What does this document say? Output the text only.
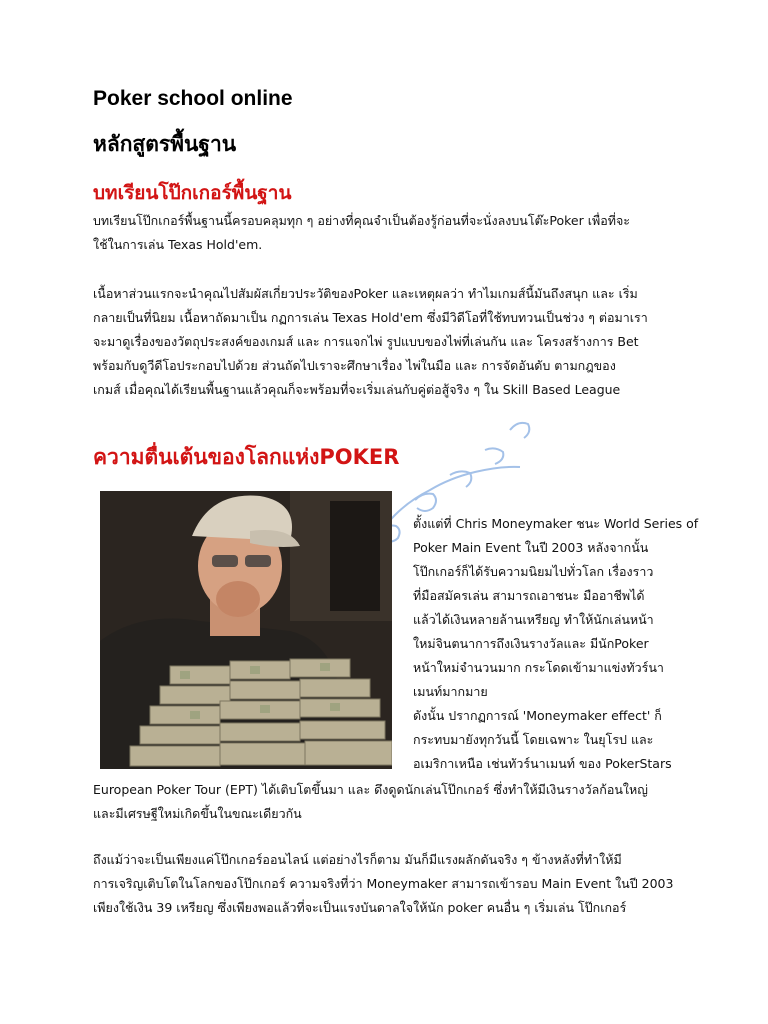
Poker school online
หลักสูตรพื้นฐาน
บทเรียนโป๊กเกอร์พื้นฐาน

บทเรียนโป๊กเกอร์พื้นฐานนี้ครอบคลุมทุก ๆ อย่างที่คุณจำเป็นต้องรู้ก่อนที่จะนั่งลงบนโต๊ะPoker เพื่อที่จะ

ใช้ในการเล่น Texas Hold'em.

เนื้อหาส่วนแรกจะนำคุณไปสัมผัสเกี่ยวประวัติของPoker และเหตุผลว่า ทำไมเกมส์นี้มันถึงสนุก และ เริ่ม

กลายเป็นที่นิยม เนื้อหาถัดมาเป็น กฏการเล่น Texas Hold'em ซึ่งมีวิดีโอที่ใช้ทบทวนเป็นช่วง ๆ ต่อมาเรา

จะมาดูเรื่องของวัตถุประสงค์ของเกมส์ และ การแจกไพ่ รูปแบบของไพ่ที่เล่นกัน และ โครงสร้างการ Bet

พร้อมกับดูวีดีโอประกอบไปด้วย ส่วนถัดไปเราจะศึกษาเรื่อง ไพ่ในมือ และ การจัดอันดับ ตามกฎของ

เกมส์ เมื่อคุณได้เรียนพื้นฐานแล้วคุณก็จะพร้อมที่จะเริ่มเล่นกับคู่ต่อสู้จริง ๆ ใน Skill Based League

ความตื่นเต้นของโลกแห่งPOKER

ตั้งแต่ที่ Chris Moneymaker ชนะ World Series of

Poker Main Event ในปี 2003 หลังจากนั้น

โป๊กเกอร์ก็ได้รับความนิยมไปทั่วโลก เรื่องราว

ที่มือสมัครเล่น สามารถเอาชนะ มืออาชีพได้

แล้วได้เงินหลายล้านเหรียญ ทำให้นักเล่นหน้า

ใหม่จินตนาการถึงเงินรางวัลและ มีนักPoker

หน้าใหม่จำนวนมาก กระโดดเข้ามาแข่งทัวร์นา

เมนท์มากมาย

ดังนั้น ปรากฏการณ์ 'Moneymaker effect' ก็

กระทบมายังทุกวันนี้ โดยเฉพาะ ในยุโรป และ

อเมริกาเหนือ เช่นทัวร์นาเมนท์ ของ PokerStars

European Poker Tour (EPT) ได้เติบโตขึ้นมา และ ดึงดูดนักเล่นโป๊กเกอร์ ซึ่งทำให้มีเงินรางวัลก้อนใหญ่

และมีเศรษฐีใหม่เกิดขึ้นในขณะเดียวกัน

ถึงแม้ว่าจะเป็นเพียงแค่โป๊กเกอร์ออนไลน์ แต่อย่างไรก็ตาม มันก็มีแรงผลักดันจริง ๆ ข้างหลังที่ทำให้มี

การเจริญเติบโตในโลกของโป๊กเกอร์ ความจริงที่ว่า Moneymaker สามารถเข้ารอบ Main Event ในปี 2003

เพียงใช้เงิน 39 เหรียญ ซึ่งเพียงพอแล้วที่จะเป็นแรงบันดาลใจให้นัก poker คนอื่น ๆ เริ่มเล่น โป๊กเกอร์
